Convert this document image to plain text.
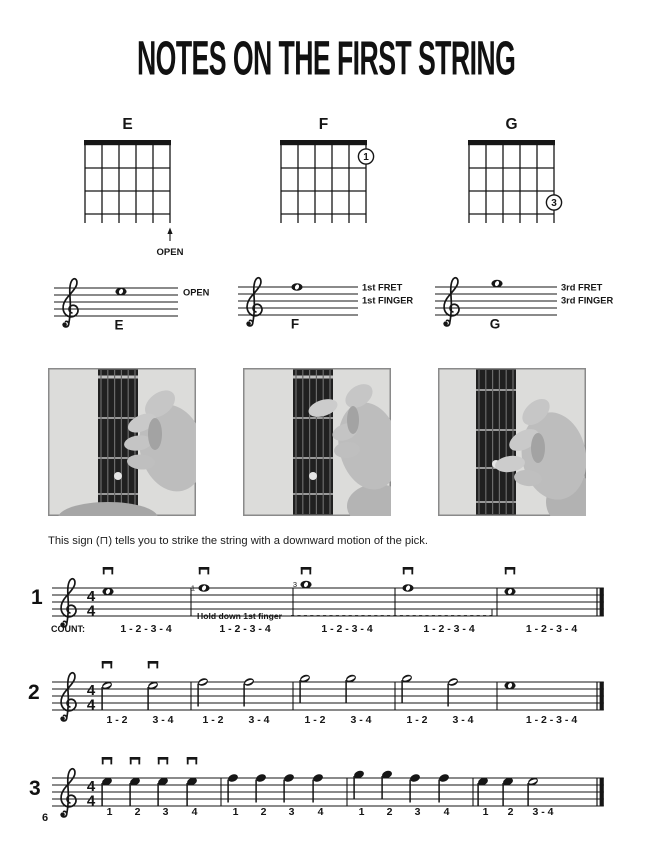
NOTES ON THE FIRST STRING
E
OPEN
F
1
G
3
OPEN
E
1st FRET
1st FINGER
F
3rd FRET
3rd FINGER
G
This sign (⊓) tells you to strike the string with a downward motion of the pick.
1
2
3
4
4
COUNT:	1 - 2 - 3 - 4
1
1 - 2 - 3 - 4
3
1 - 2 - 3 - 4	1 - 2 - 3 - 4	1 - 2 - 3 - 4
Hold down 1st finger
4
4
1 - 2 3 - 4	1 - 2 3 - 4	1 - 2 3 - 4	1 - 2 3 - 4	1 - 2 - 3 - 4
4
4
1 2 3 4	1 2 3 4	1 2 3 4	1 2 3 - 4
6
